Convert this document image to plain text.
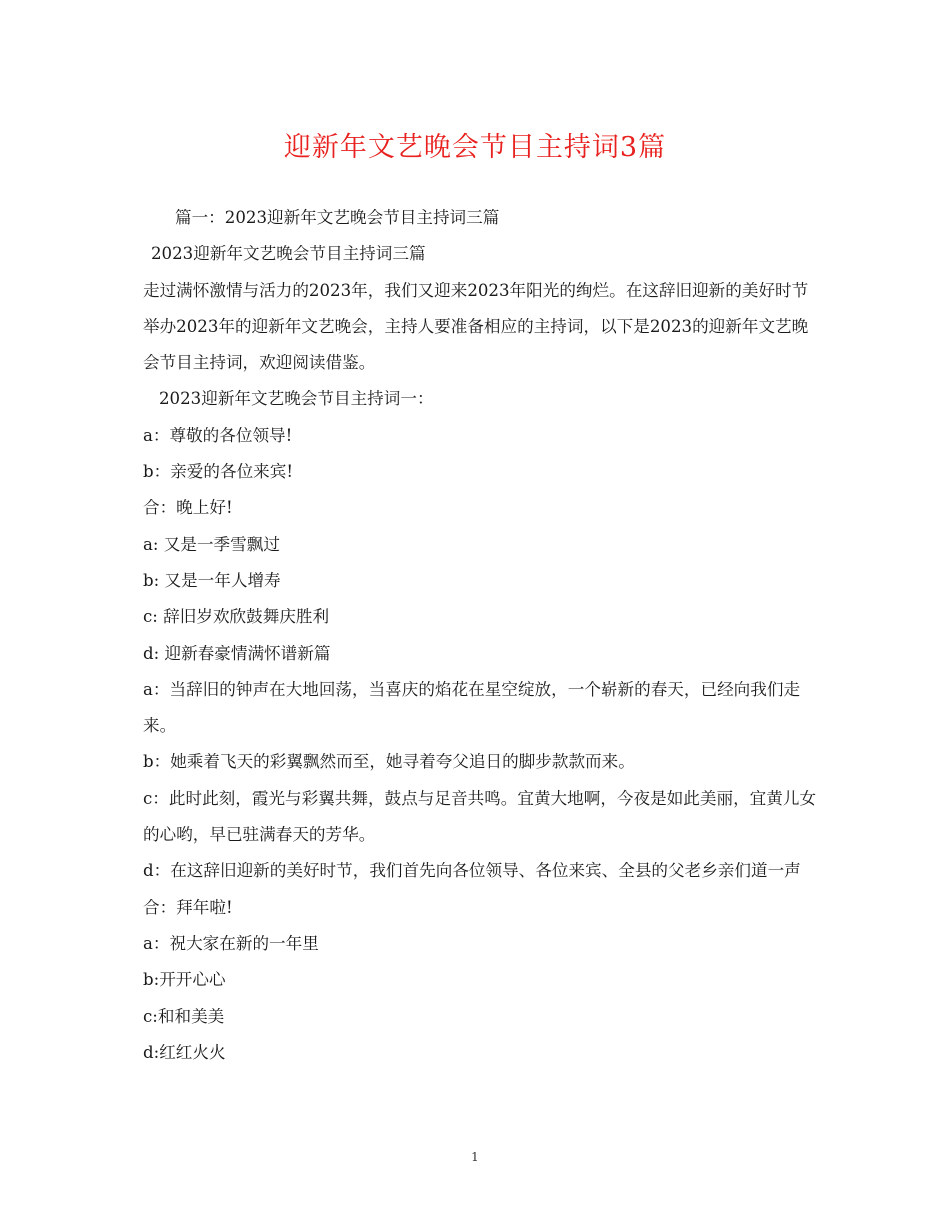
迎新年文艺晚会节目主持词3篇

篇一：2023迎新年文艺晚会节目主持词三篇

2023迎新年文艺晚会节目主持词三篇

走过满怀激情与活力的2023年，我们又迎来2023年阳光的绚烂。在这辞旧迎新的美好时节举办2023年的迎新年文艺晚会，主持人要准备相应的主持词，以下是2023的迎新年文艺晚会节目主持词，欢迎阅读借鉴。

2023迎新年文艺晚会节目主持词一：

a：尊敬的各位领导!

b：亲爱的各位来宾!

合：晚上好!

a: 又是一季雪飘过

b: 又是一年人增寿

c: 辞旧岁欢欣鼓舞庆胜利

d: 迎新春豪情满怀谱新篇

a：当辞旧的钟声在大地回荡，当喜庆的焰花在星空绽放，一个崭新的春天，已经向我们走来。

b：她乘着飞天的彩翼飘然而至，她寻着夸父追日的脚步款款而来。

c：此时此刻，霞光与彩翼共舞，鼓点与足音共鸣。宜黄大地啊，今夜是如此美丽，宜黄儿女的心哟，早已驻满春天的芳华。

d：在这辞旧迎新的美好时节，我们首先向各位领导、各位来宾、全县的父老乡亲们道一声

合：拜年啦!

a：祝大家在新的一年里

b:开开心心

c:和和美美

d:红红火火

1
